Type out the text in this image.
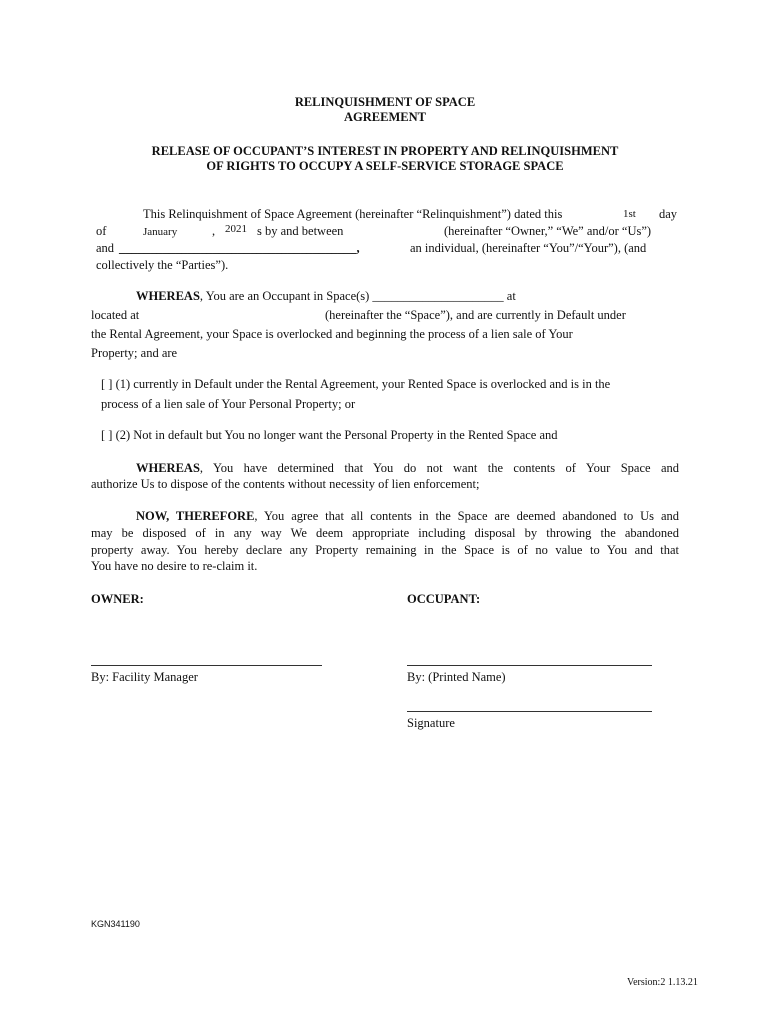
RELINQUISHMENT OF SPACE
AGREEMENT
RELEASE OF OCCUPANT’S INTEREST IN PROPERTY AND RELINQUISHMENT
OF RIGHTS TO OCCUPY A SELF-SERVICE STORAGE SPACE
This Relinquishment of Space Agreement (hereinafter “Relinquishment”) dated this	1st day
of	January	, 2021 s by and between	(hereinafter “Owner,” “We” and/or “Us”)
and ______________________________________,	an individual, (hereinafter “You”/“Your”), (and
collectively the “Parties”).
WHEREAS, You are an Occupant in Space(s) _____________________ at
located at	(hereinafter the “Space”), and are currently in Default under
the Rental Agreement, your Space is overlocked and beginning the process of a lien sale of Your
Property; and are
[ ] (1) currently in Default under the Rental Agreement, your Rented Space is overlocked and is in the
process of a lien sale of Your Personal Property; or
[ ] (2) Not in default but You no longer want the Personal Property in the Rented Space and
WHEREAS, You have determined that You do not want the contents of Your Space and
authorize Us to dispose of the contents without necessity of lien enforcement;
NOW, THEREFORE, You agree that all contents in the Space are deemed abandoned to Us and
may be disposed of in any way We deem appropriate including disposal by throwing the abandoned
property away. You hereby declare any Property remaining in the Space is of no value to You and that
You have no desire to re-claim it.
OWNER:	OCCUPANT:
By: Facility Manager	By: (Printed Name)
Signature
KGN341190
Version:2 1.13.21
